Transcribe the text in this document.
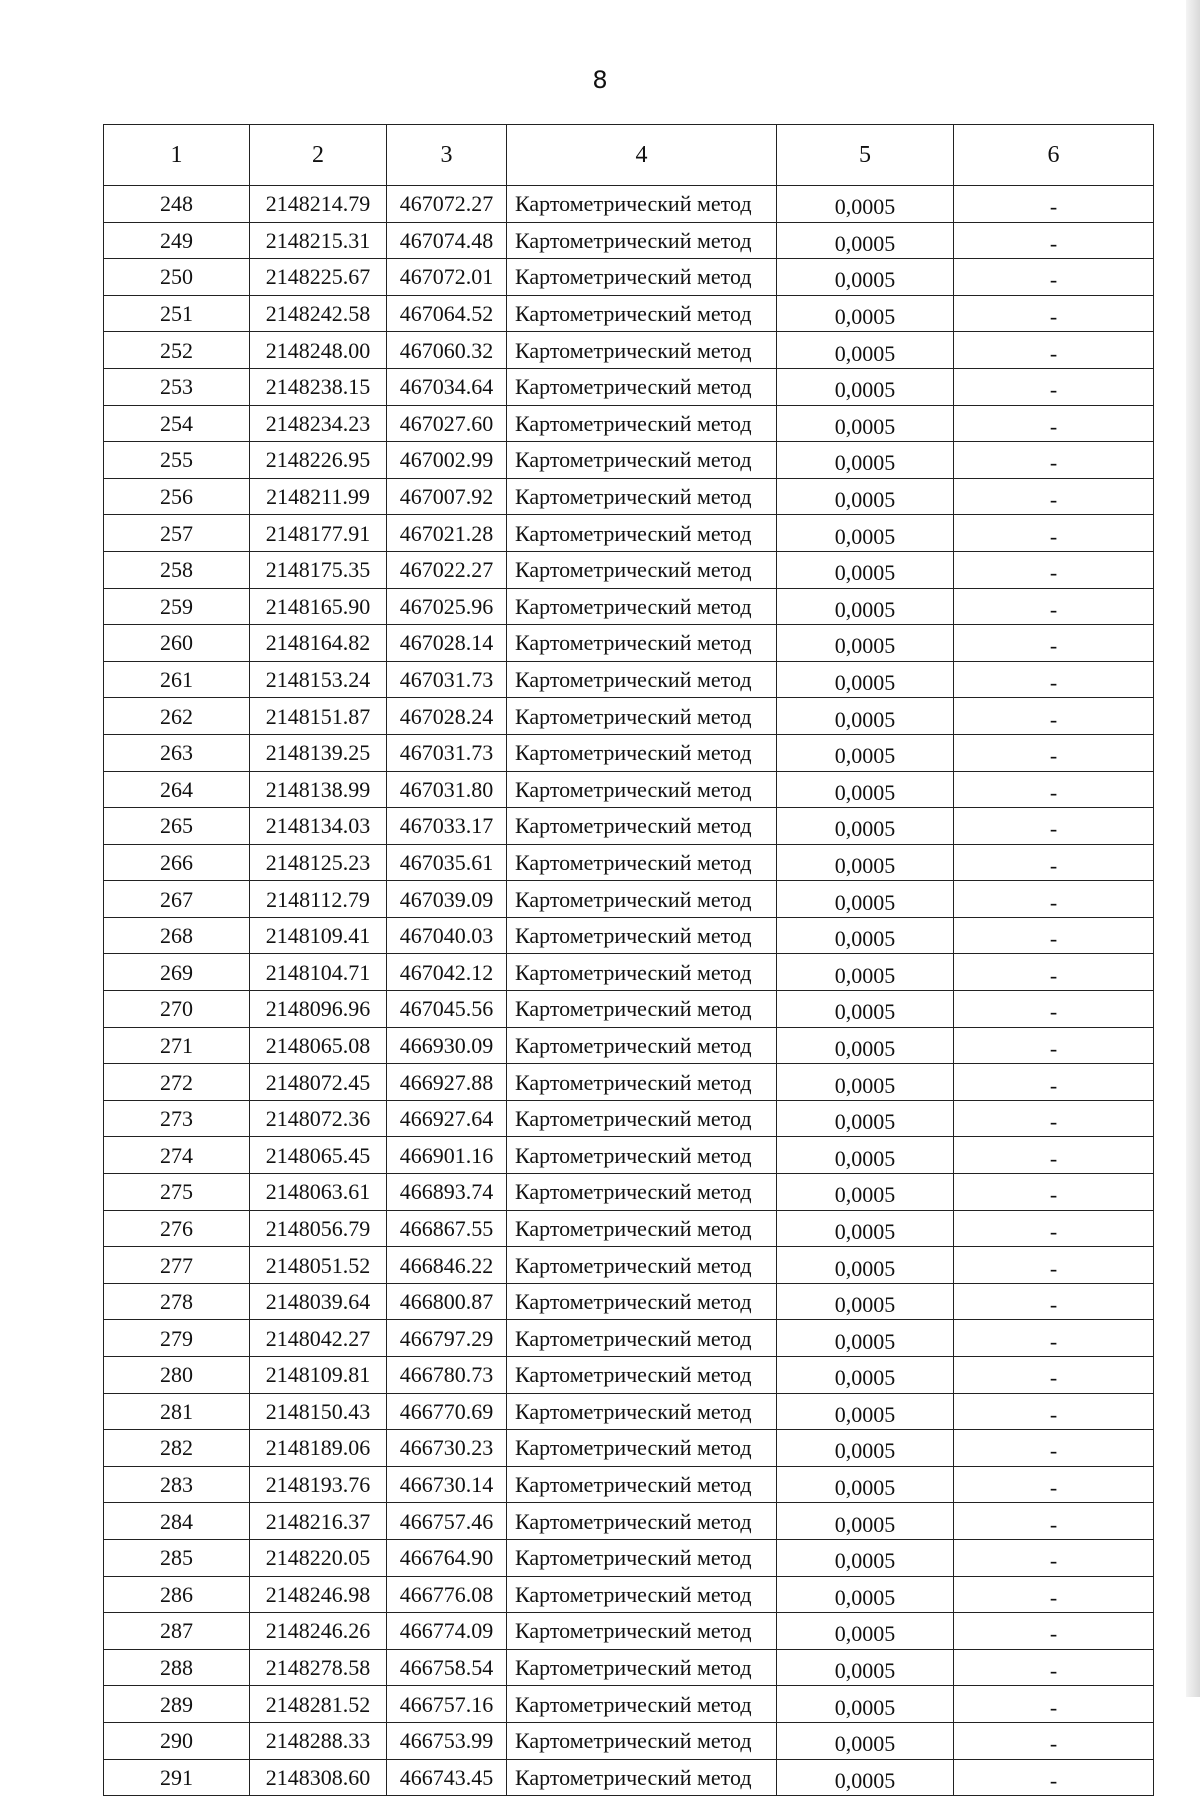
8
1	2	3	4	5	6
248	2148214.79	467072.27	Картометрический метод	0,0005	-
249	2148215.31	467074.48	Картометрический метод	0,0005	-
250	2148225.67	467072.01	Картометрический метод	0,0005	-
251	2148242.58	467064.52	Картометрический метод	0,0005	-
252	2148248.00	467060.32	Картометрический метод	0,0005	-
253	2148238.15	467034.64	Картометрический метод	0,0005	-
254	2148234.23	467027.60	Картометрический метод	0,0005	-
255	2148226.95	467002.99	Картометрический метод	0,0005	-
256	2148211.99	467007.92	Картометрический метод	0,0005	-
257	2148177.91	467021.28	Картометрический метод	0,0005	-
258	2148175.35	467022.27	Картометрический метод	0,0005	-
259	2148165.90	467025.96	Картометрический метод	0,0005	-
260	2148164.82	467028.14	Картометрический метод	0,0005	-
261	2148153.24	467031.73	Картометрический метод	0,0005	-
262	2148151.87	467028.24	Картометрический метод	0,0005	-
263	2148139.25	467031.73	Картометрический метод	0,0005	-
264	2148138.99	467031.80	Картометрический метод	0,0005	-
265	2148134.03	467033.17	Картометрический метод	0,0005	-
266	2148125.23	467035.61	Картометрический метод	0,0005	-
267	2148112.79	467039.09	Картометрический метод	0,0005	-
268	2148109.41	467040.03	Картометрический метод	0,0005	-
269	2148104.71	467042.12	Картометрический метод	0,0005	-
270	2148096.96	467045.56	Картометрический метод	0,0005	-
271	2148065.08	466930.09	Картометрический метод	0,0005	-
272	2148072.45	466927.88	Картометрический метод	0,0005	-
273	2148072.36	466927.64	Картометрический метод	0,0005	-
274	2148065.45	466901.16	Картометрический метод	0,0005	-
275	2148063.61	466893.74	Картометрический метод	0,0005	-
276	2148056.79	466867.55	Картометрический метод	0,0005	-
277	2148051.52	466846.22	Картометрический метод	0,0005	-
278	2148039.64	466800.87	Картометрический метод	0,0005	-
279	2148042.27	466797.29	Картометрический метод	0,0005	-
280	2148109.81	466780.73	Картометрический метод	0,0005	-
281	2148150.43	466770.69	Картометрический метод	0,0005	-
282	2148189.06	466730.23	Картометрический метод	0,0005	-
283	2148193.76	466730.14	Картометрический метод	0,0005	-
284	2148216.37	466757.46	Картометрический метод	0,0005	-
285	2148220.05	466764.90	Картометрический метод	0,0005	-
286	2148246.98	466776.08	Картометрический метод	0,0005	-
287	2148246.26	466774.09	Картометрический метод	0,0005	-
288	2148278.58	466758.54	Картометрический метод	0,0005	-
289	2148281.52	466757.16	Картометрический метод	0,0005	-
290	2148288.33	466753.99	Картометрический метод	0,0005	-
291	2148308.60	466743.45	Картометрический метод	0,0005	-
